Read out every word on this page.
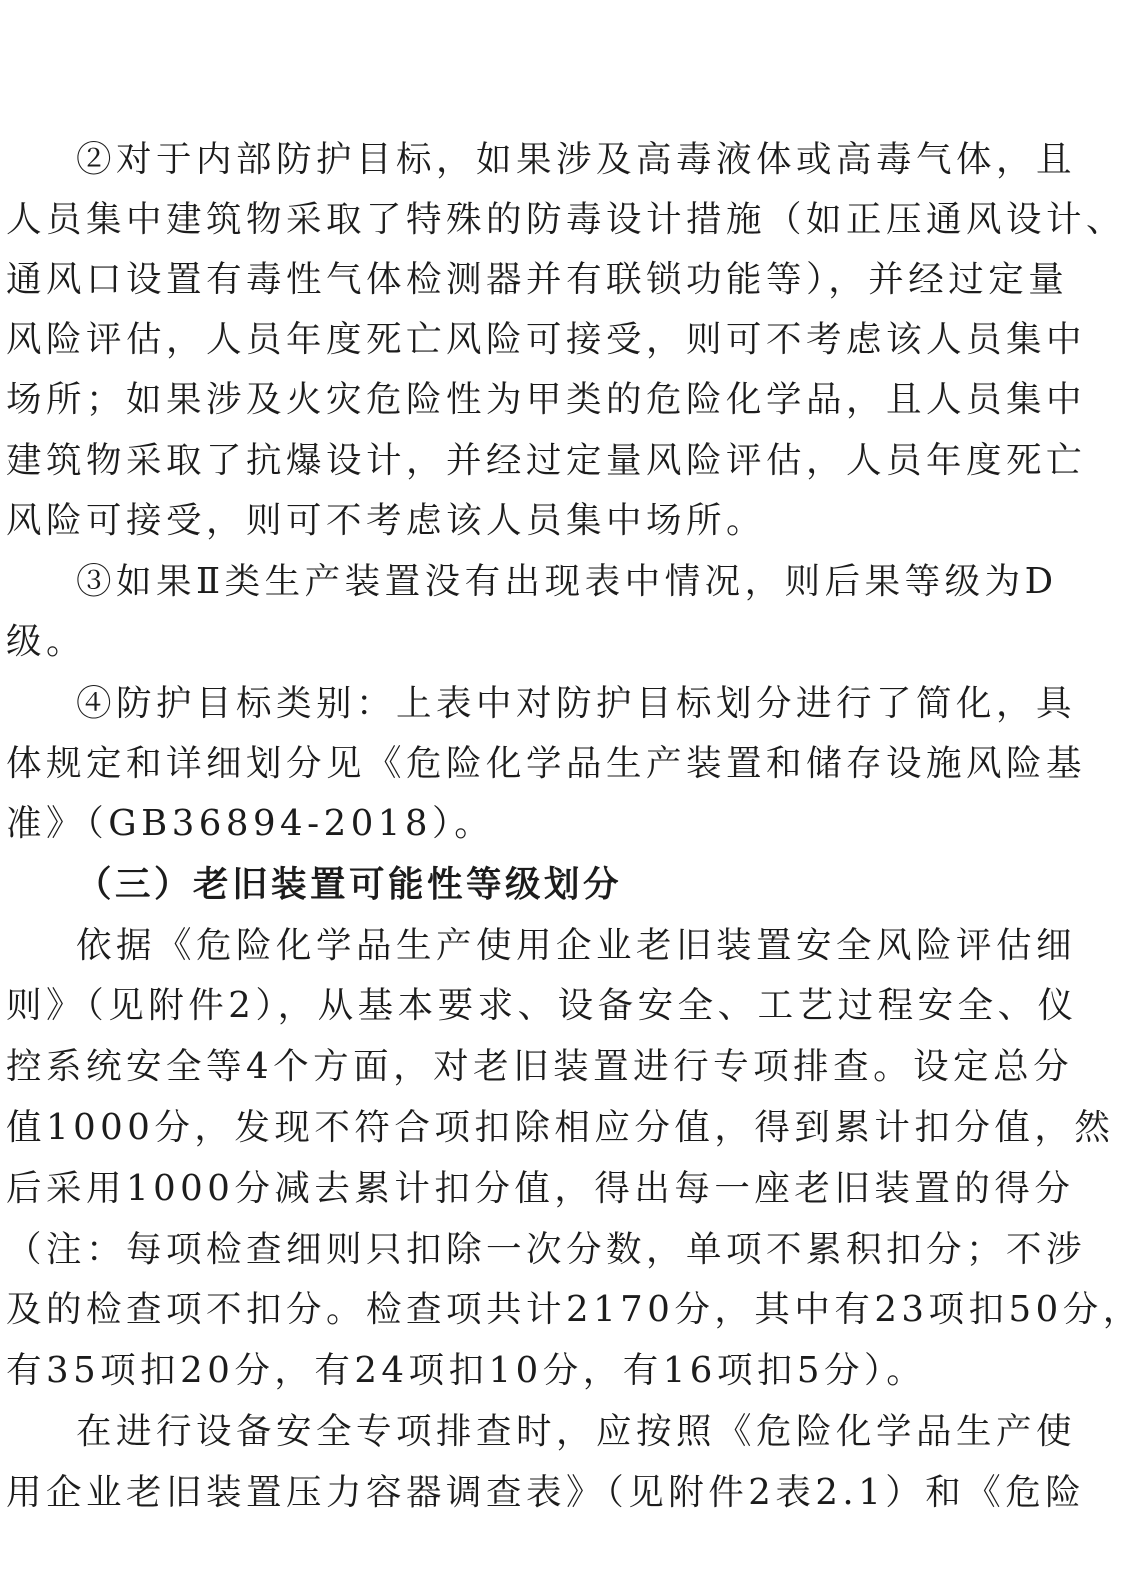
②对于内部防护目标，如果涉及高毒液体或高毒气体，且
人员集中建筑物采取了特殊的防毒设计措施（如正压通风设计、
通风口设置有毒性气体检测器并有联锁功能等），并经过定量
风险评估，人员年度死亡风险可接受，则可不考虑该人员集中
场所；如果涉及火灾危险性为甲类的危险化学品，且人员集中
建筑物采取了抗爆设计，并经过定量风险评估，人员年度死亡
风险可接受，则可不考虑该人员集中场所。
③如果Ⅱ类生产装置没有出现表中情况，则后果等级为D
级。
④防护目标类别：上表中对防护目标划分进行了简化，具
体规定和详细划分见《危险化学品生产装置和储存设施风险基
准》（GB36894-2018）。
（三）老旧装置可能性等级划分
依据《危险化学品生产使用企业老旧装置安全风险评估细
则》（见附件2），从基本要求、设备安全、工艺过程安全、仪
控系统安全等4个方面，对老旧装置进行专项排查。设定总分
值1000分，发现不符合项扣除相应分值，得到累计扣分值，然
后采用1000分减去累计扣分值，得出每一座老旧装置的得分
（注：每项检查细则只扣除一次分数，单项不累积扣分；不涉
及的检查项不扣分。检查项共计2170分，其中有23项扣50分，
有35项扣20分，有24项扣10分，有16项扣5分）。
在进行设备安全专项排查时，应按照《危险化学品生产使
用企业老旧装置压力容器调查表》（见附件2表2.1）和《危险
